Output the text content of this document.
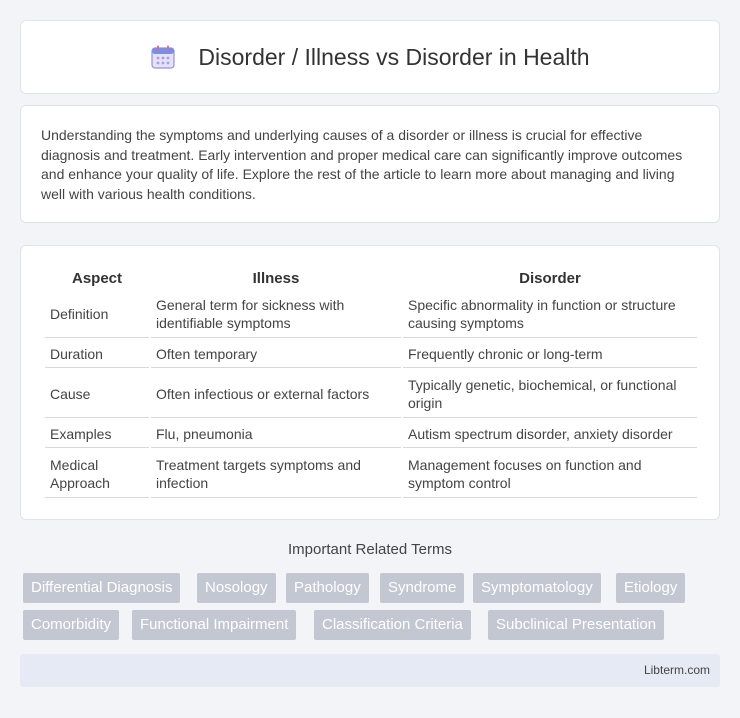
Disorder / Illness vs Disorder in Health

Understanding the symptoms and underlying causes of a disorder or illness is crucial for effective diagnosis and treatment. Early intervention and proper medical care can significantly improve outcomes and enhance your quality of life. Explore the rest of the article to learn more about managing and living well with various health conditions.

Aspect	Illness	Disorder
Definition	General term for sickness with identifiable symptoms	Specific abnormality in function or structure causing symptoms
Duration	Often temporary	Frequently chronic or long-term
Cause	Often infectious or external factors	Typically genetic, biochemical, or functional origin
Examples	Flu, pneumonia	Autism spectrum disorder, anxiety disorder
Medical Approach	Treatment targets symptoms and infection	Management focuses on function and symptom control
Important Related Terms
Differential Diagnosis	Nosology	Pathology	Syndrome	Symptomatology	Etiology
Comorbidity	Functional Impairment	Classification Criteria	Subclinical Presentation
Libterm.com
